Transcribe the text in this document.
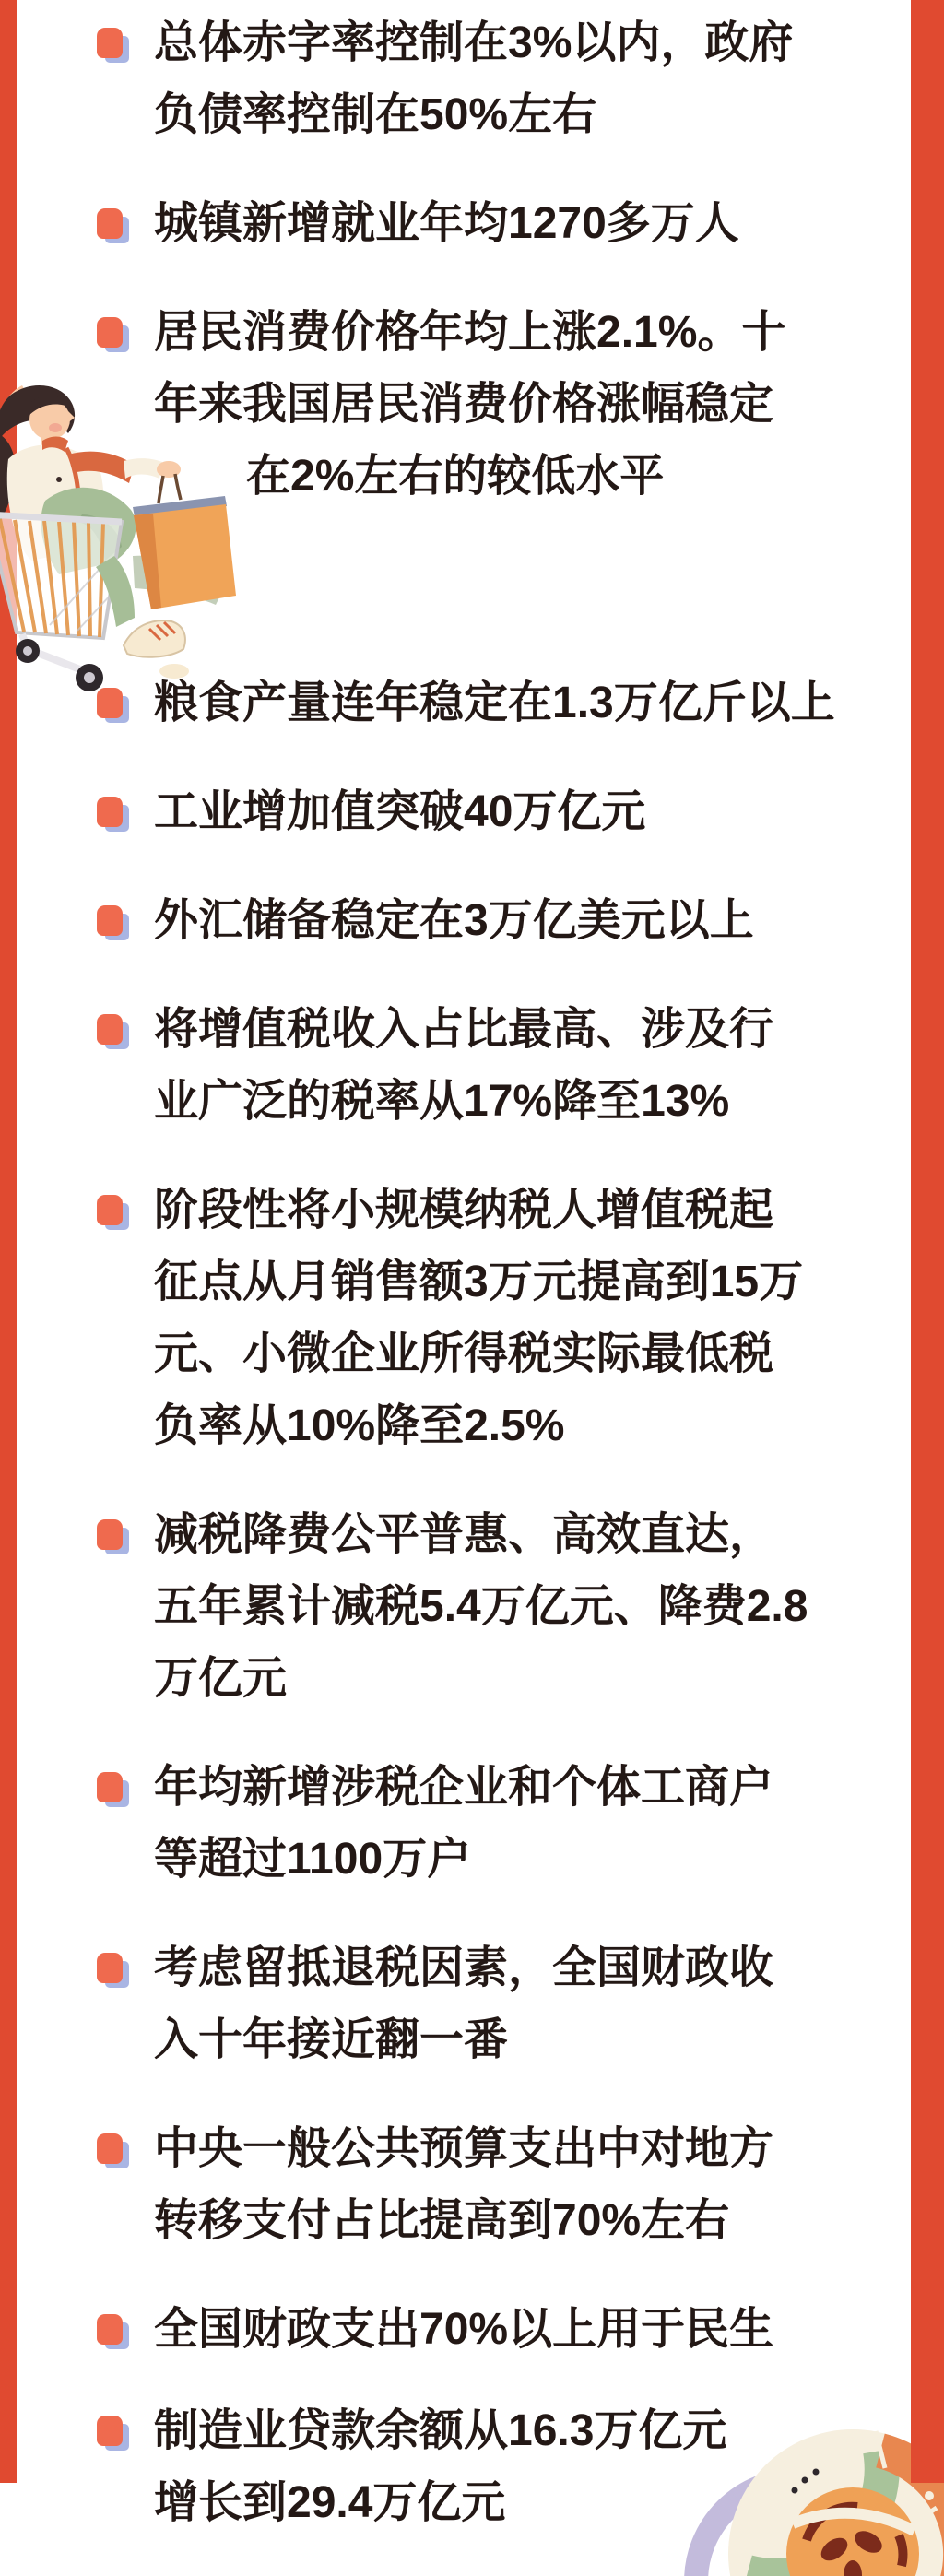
总体赤字率控制在3%以内，政府
负债率控制在50%左右
城镇新增就业年均1270多万人
居民消费价格年均上涨2.1%。十
年来我国居民消费价格涨幅稳定
在2%左右的较低水平
粮食产量连年稳定在1.3万亿斤以上
工业增加值突破40万亿元
外汇储备稳定在3万亿美元以上
将增值税收入占比最高、涉及行
业广泛的税率从17%降至13%
阶段性将小规模纳税人增值税起
征点从月销售额3万元提高到15万
元、小微企业所得税实际最低税
负率从10%降至2.5%
减税降费公平普惠、高效直达，
五年累计减税5.4万亿元、降费2.8
万亿元
年均新增涉税企业和个体工商户
等超过1100万户
考虑留抵退税因素，全国财政收
入十年接近翻一番
中央一般公共预算支出中对地方
转移支付占比提高到70%左右
全国财政支出70%以上用于民生
制造业贷款余额从16.3万亿元
增长到29.4万亿元
